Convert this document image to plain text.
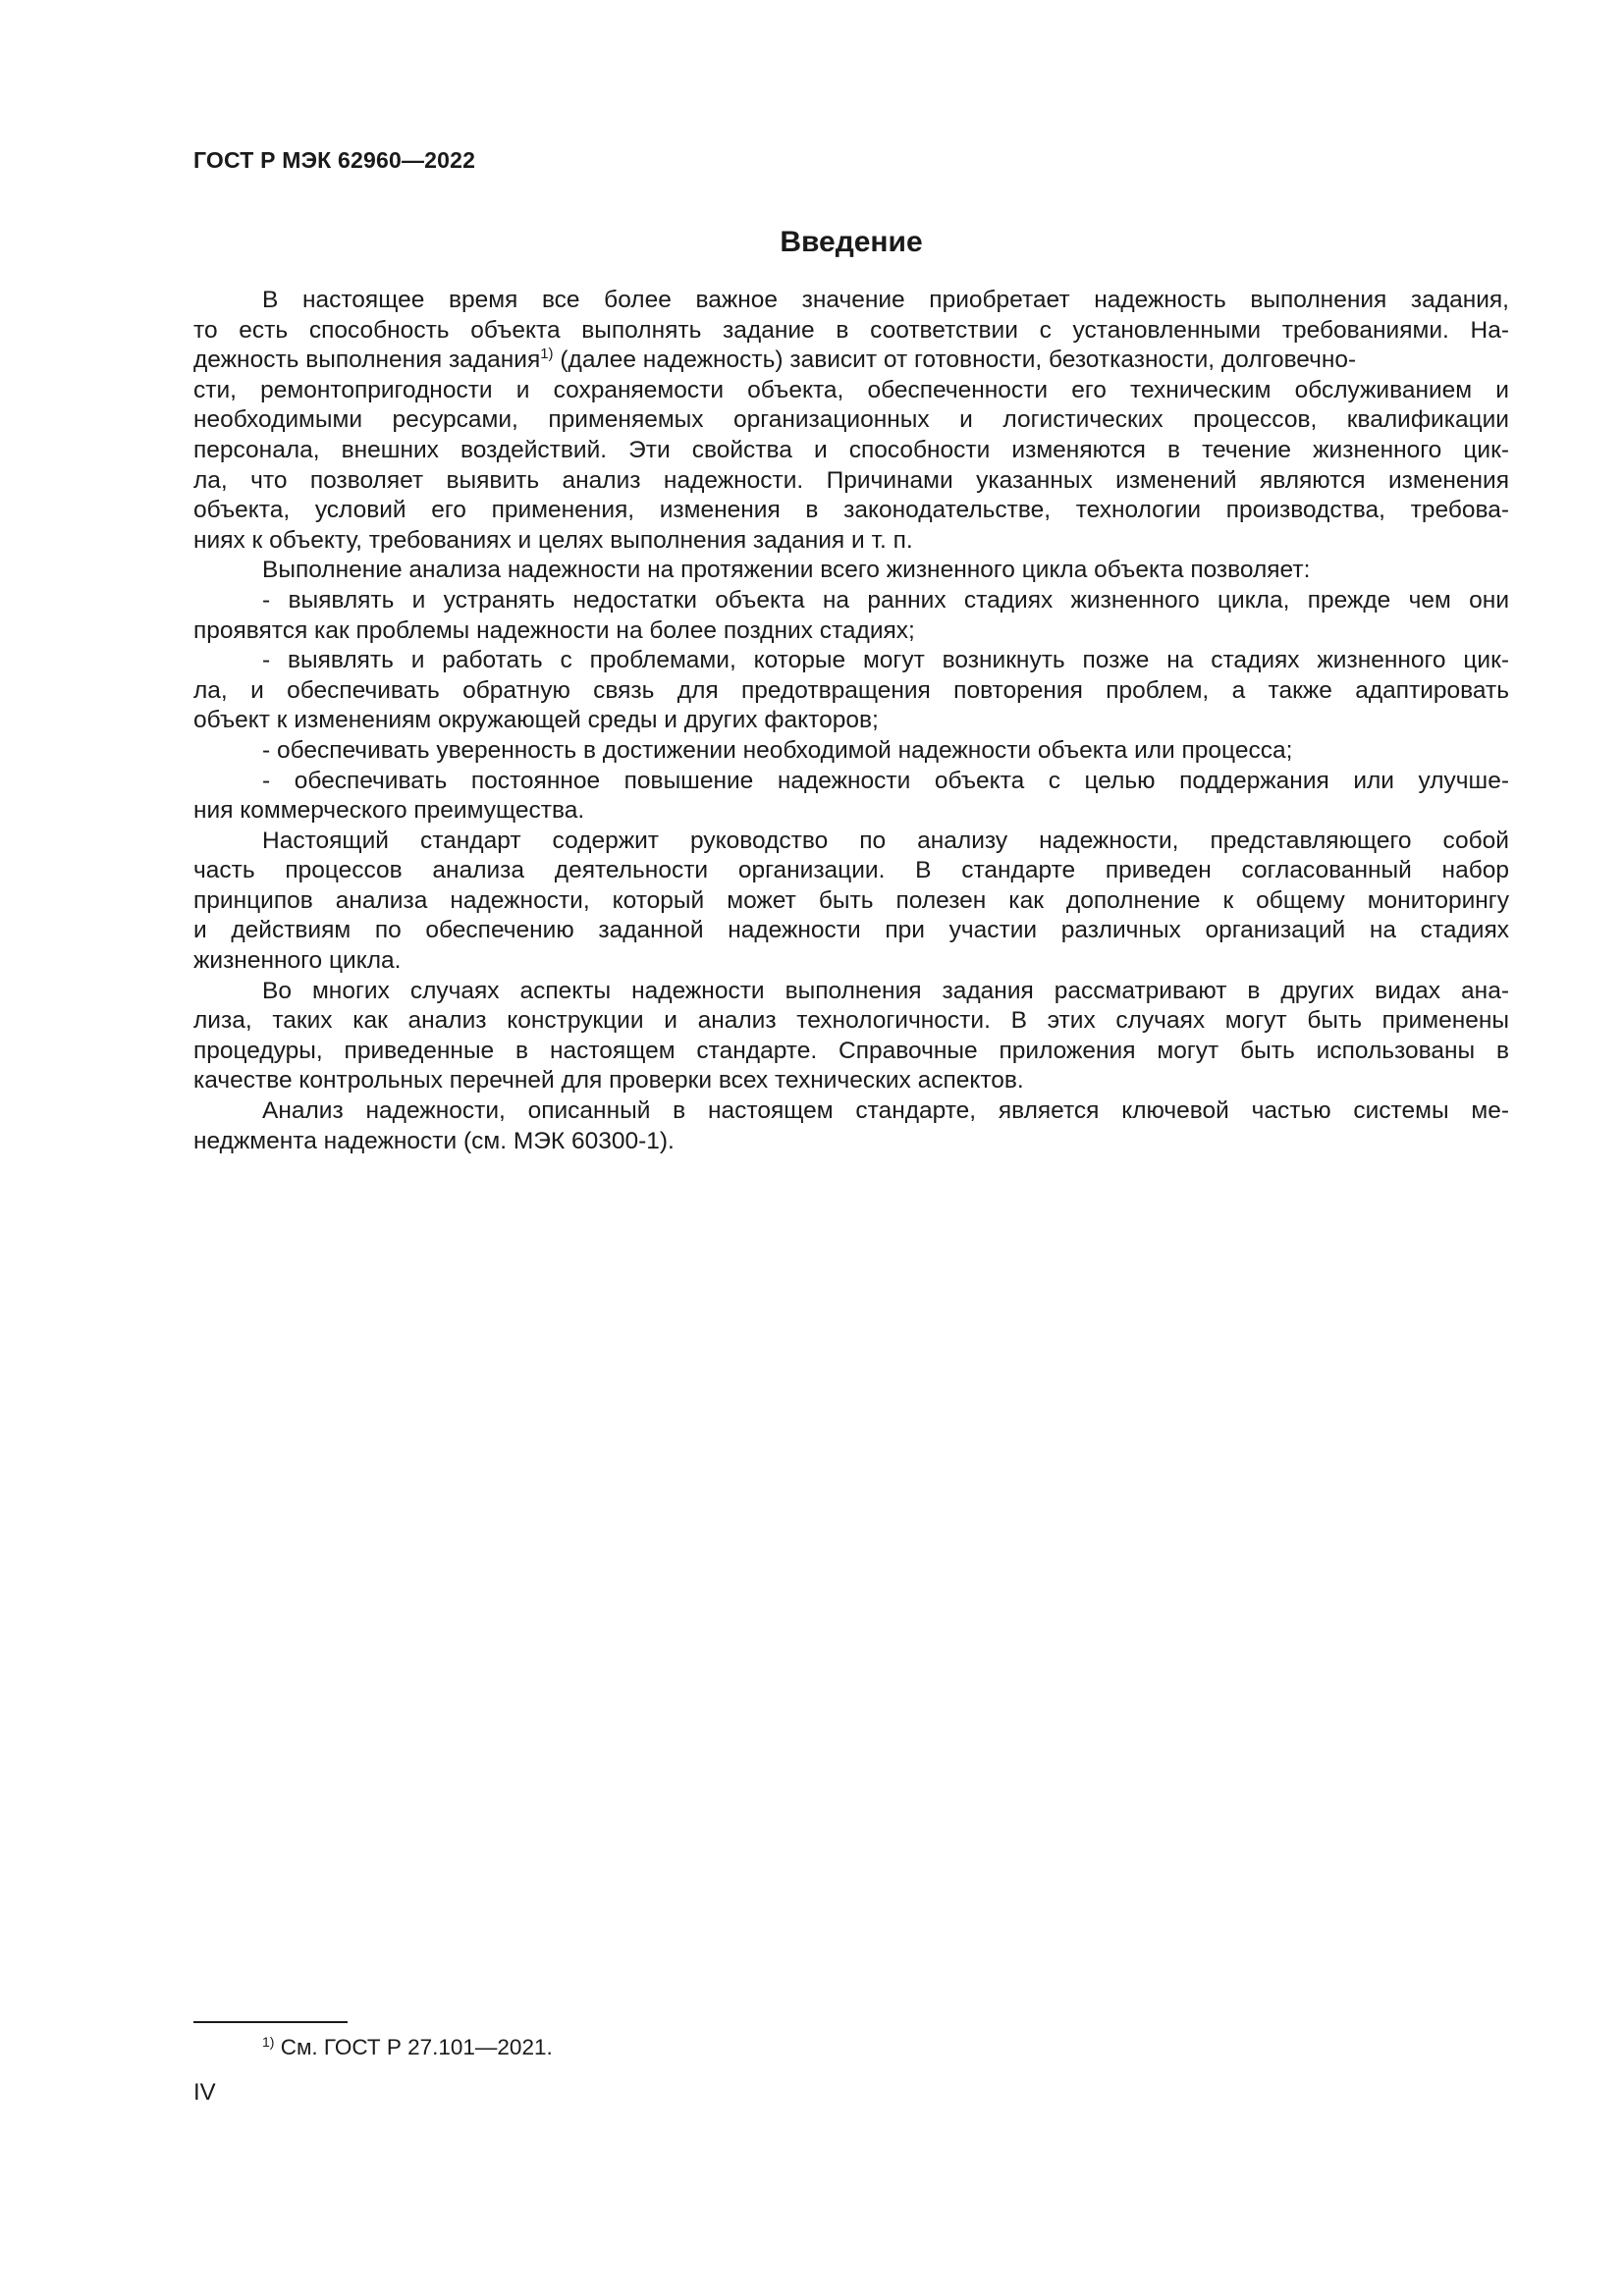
ГОСТ Р МЭК 62960—2022
Введение
В настоящее время все более важное значение приобретает надежность выполнения задания,
то есть способность объекта выполнять задание в соответствии с установленными требованиями. На-
дежность выполнения задания$^{1)}$ (далее надежность) зависит от готовности, безотказности, долговечно-
сти, ремонтопригодности и сохраняемости объекта, обеспеченности его техническим обслуживанием и
необходимыми ресурсами, применяемых организационных и логистических процессов, квалификации
персонала, внешних воздействий. Эти свойства и способности изменяются в течение жизненного цик-
ла, что позволяет выявить анализ надежности. Причинами указанных изменений являются изменения
объекта, условий его применения, изменения в законодательстве, технологии производства, требова-
ниях к объекту, требованиях и целях выполнения задания и т. п.
Выполнение анализа надежности на протяжении всего жизненного цикла объекта позволяет:
- выявлять и устранять недостатки объекта на ранних стадиях жизненного цикла, прежде чем они
проявятся как проблемы надежности на более поздних стадиях;
- выявлять и работать с проблемами, которые могут возникнуть позже на стадиях жизненного цик-
ла, и обеспечивать обратную связь для предотвращения повторения проблем, а также адаптировать
объект к изменениям окружающей среды и других факторов;
- обеспечивать уверенность в достижении необходимой надежности объекта или процесса;
- обеспечивать постоянное повышение надежности объекта с целью поддержания или улучше-
ния коммерческого преимущества.
Настоящий стандарт содержит руководство по анализу надежности, представляющего собой
часть процессов анализа деятельности организации. В стандарте приведен согласованный набор
принципов анализа надежности, который может быть полезен как дополнение к общему мониторингу
и действиям по обеспечению заданной надежности при участии различных организаций на стадиях
жизненного цикла.
Во многих случаях аспекты надежности выполнения задания рассматривают в других видах ана-
лиза, таких как анализ конструкции и анализ технологичности. В этих случаях могут быть применены
процедуры, приведенные в настоящем стандарте. Справочные приложения могут быть использованы в
качестве контрольных перечней для проверки всех технических аспектов.
Анализ надежности, описанный в настоящем стандарте, является ключевой частью системы ме-
неджмента надежности (см. МЭК 60300-1).
$^{1)}$ См. ГОСТ Р 27.101—2021.
IV
